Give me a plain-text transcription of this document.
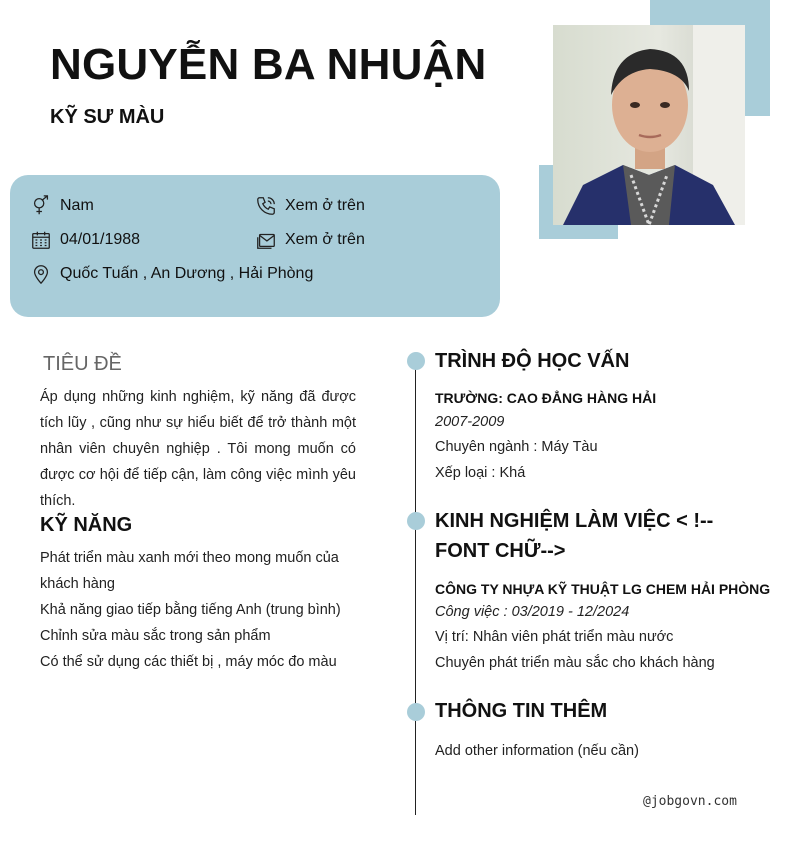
NGUYỄN BA NHUẬN
KỸ SƯ MÀU
Nam	Xem ở trên
04/01/1988	Xem ở trên
Quốc Tuấn , An Dương , Hải Phòng
TIÊU ĐỀ
Áp dụng những kinh nghiệm, kỹ năng đã được tích lũy , cũng như sự hiểu biết để trở thành một nhân viên chuyên nghiệp . Tôi mong muốn có được cơ hội để tiếp cận, làm công việc mình yêu thích.
KỸ NĂNG
Phát triển màu xanh mới theo mong muốn của khách hàng
Khả năng giao tiếp bằng tiếng Anh (trung bình)
Chỉnh sửa màu sắc trong sản phẩm
Có thể sử dụng các thiết bị , máy móc đo màu
TRÌNH ĐỘ HỌC VẤN
TRƯỜNG: CAO ĐẲNG HÀNG HẢI
2007-2009
Chuyên ngành : Máy Tàu
Xếp loại : Khá
KINH NGHIỆM LÀM VIỆC < !--
FONT CHỮ-->
CÔNG TY NHỰA KỸ THUẬT LG CHEM HẢI PHÒNG
Công việc : 03/2019 - 12/2024
Vị trí: Nhân viên phát triển màu nước
Chuyên phát triển màu sắc cho khách hàng
THÔNG TIN THÊM
Add other information (nếu cần)
@jobgovn.com
